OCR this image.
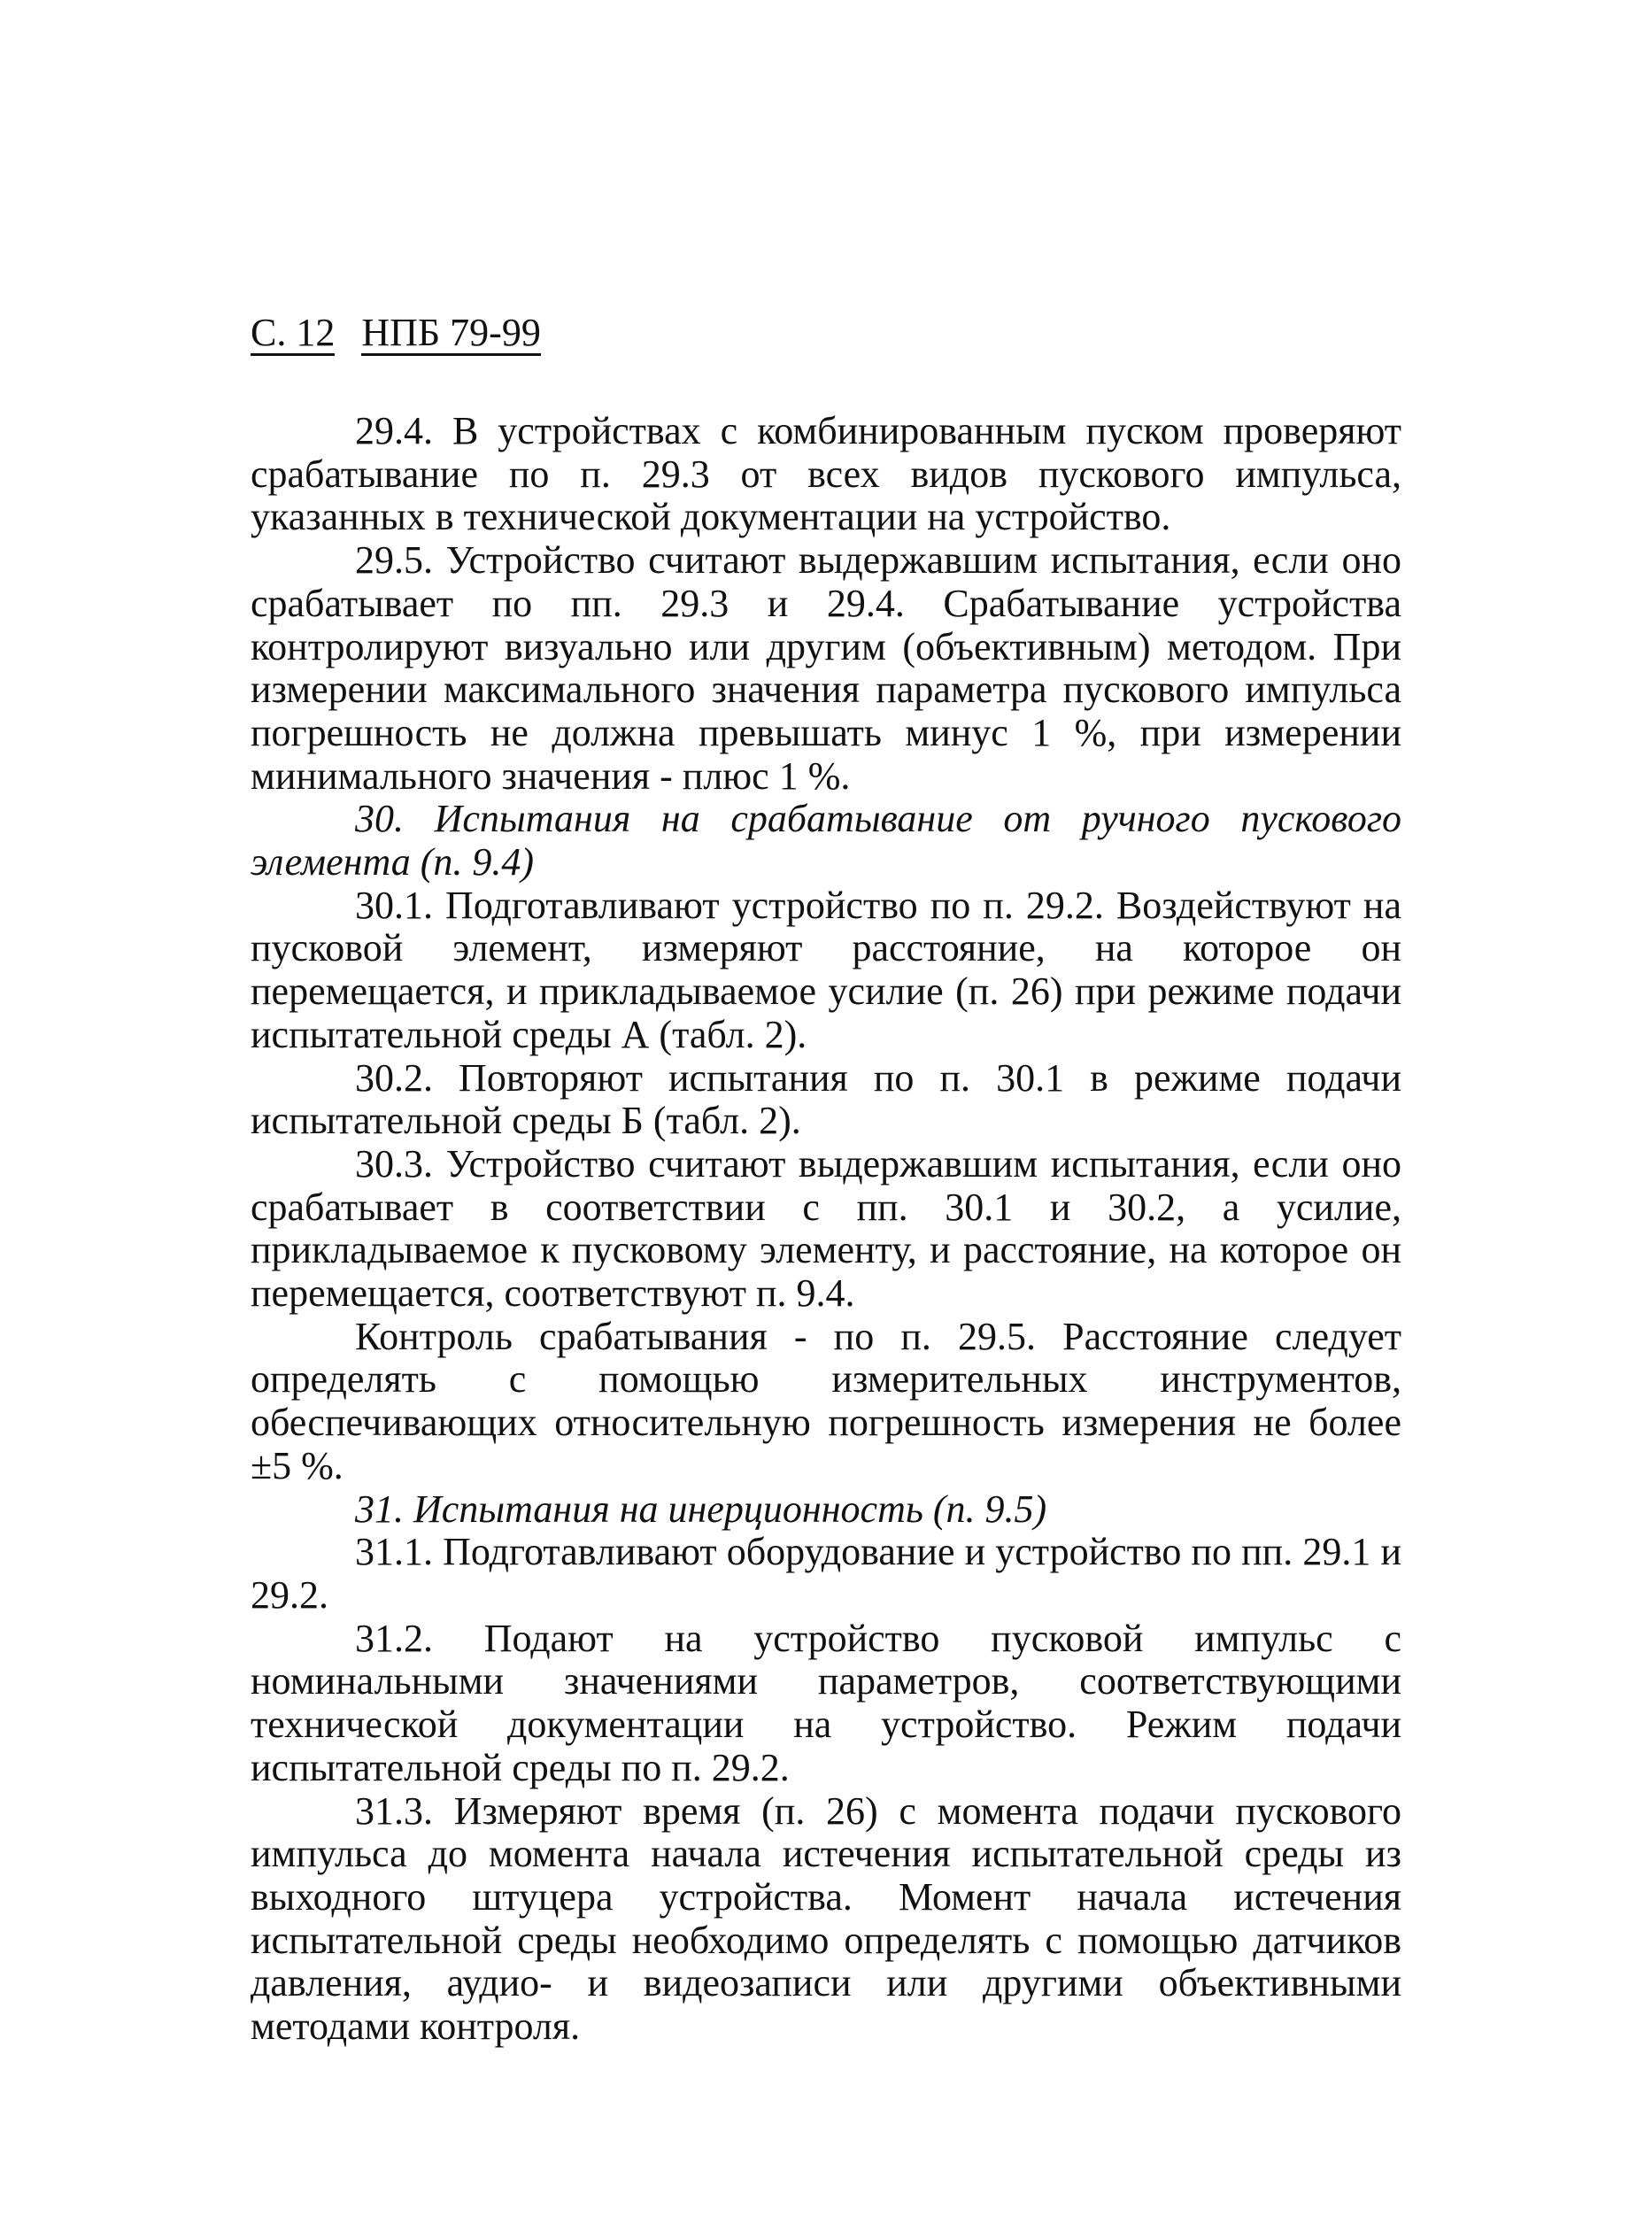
С. 12 НПБ 79-99

29.4. В устройствах с комбинированным пуском проверяют срабатывание по п. 29.3 от всех видов пускового импульса, указанных в технической документации на устройство.

29.5. Устройство считают выдержавшим испытания, если оно срабатывает по пп. 29.3 и 29.4. Срабатывание устройства контролируют визуально или другим (объективным) методом. При измерении максимального значения параметра пускового импульса погрешность не должна превышать минус 1 %, при измерении минимального значения - плюс 1 %.

30. Испытания на срабатывание от ручного пускового элемента (п. 9.4)

30.1. Подготавливают устройство по п. 29.2. Воздействуют на пусковой элемент, измеряют расстояние, на которое он перемещается, и прикладываемое усилие (п. 26) при режиме подачи испытательной среды А (табл. 2).

30.2. Повторяют испытания по п. 30.1 в режиме подачи испытательной среды Б (табл. 2).

30.3. Устройство считают выдержавшим испытания, если оно срабатывает в соответствии с пп. 30.1 и 30.2, а усилие, прикладываемое к пусковому элементу, и расстояние, на которое он перемещается, соответствуют п. 9.4.

Контроль срабатывания - по п. 29.5. Расстояние следует определять с помощью измерительных инструментов, обеспечивающих относительную погрешность измерения не более ±5 %.

31. Испытания на инерционность (п. 9.5)

31.1. Подготавливают оборудование и устройство по пп. 29.1 и 29.2.

31.2. Подают на устройство пусковой импульс с номинальными значениями параметров, соответствующими технической документации на устройство. Режим подачи испытательной среды по п. 29.2.

31.3. Измеряют время (п. 26) с момента подачи пускового импульса до момента начала истечения испытательной среды из выходного штуцера устройства. Момент начала истечения испытательной среды необходимо определять с помощью датчиков давления, аудио- и видеозаписи или другими объективными методами контроля.
